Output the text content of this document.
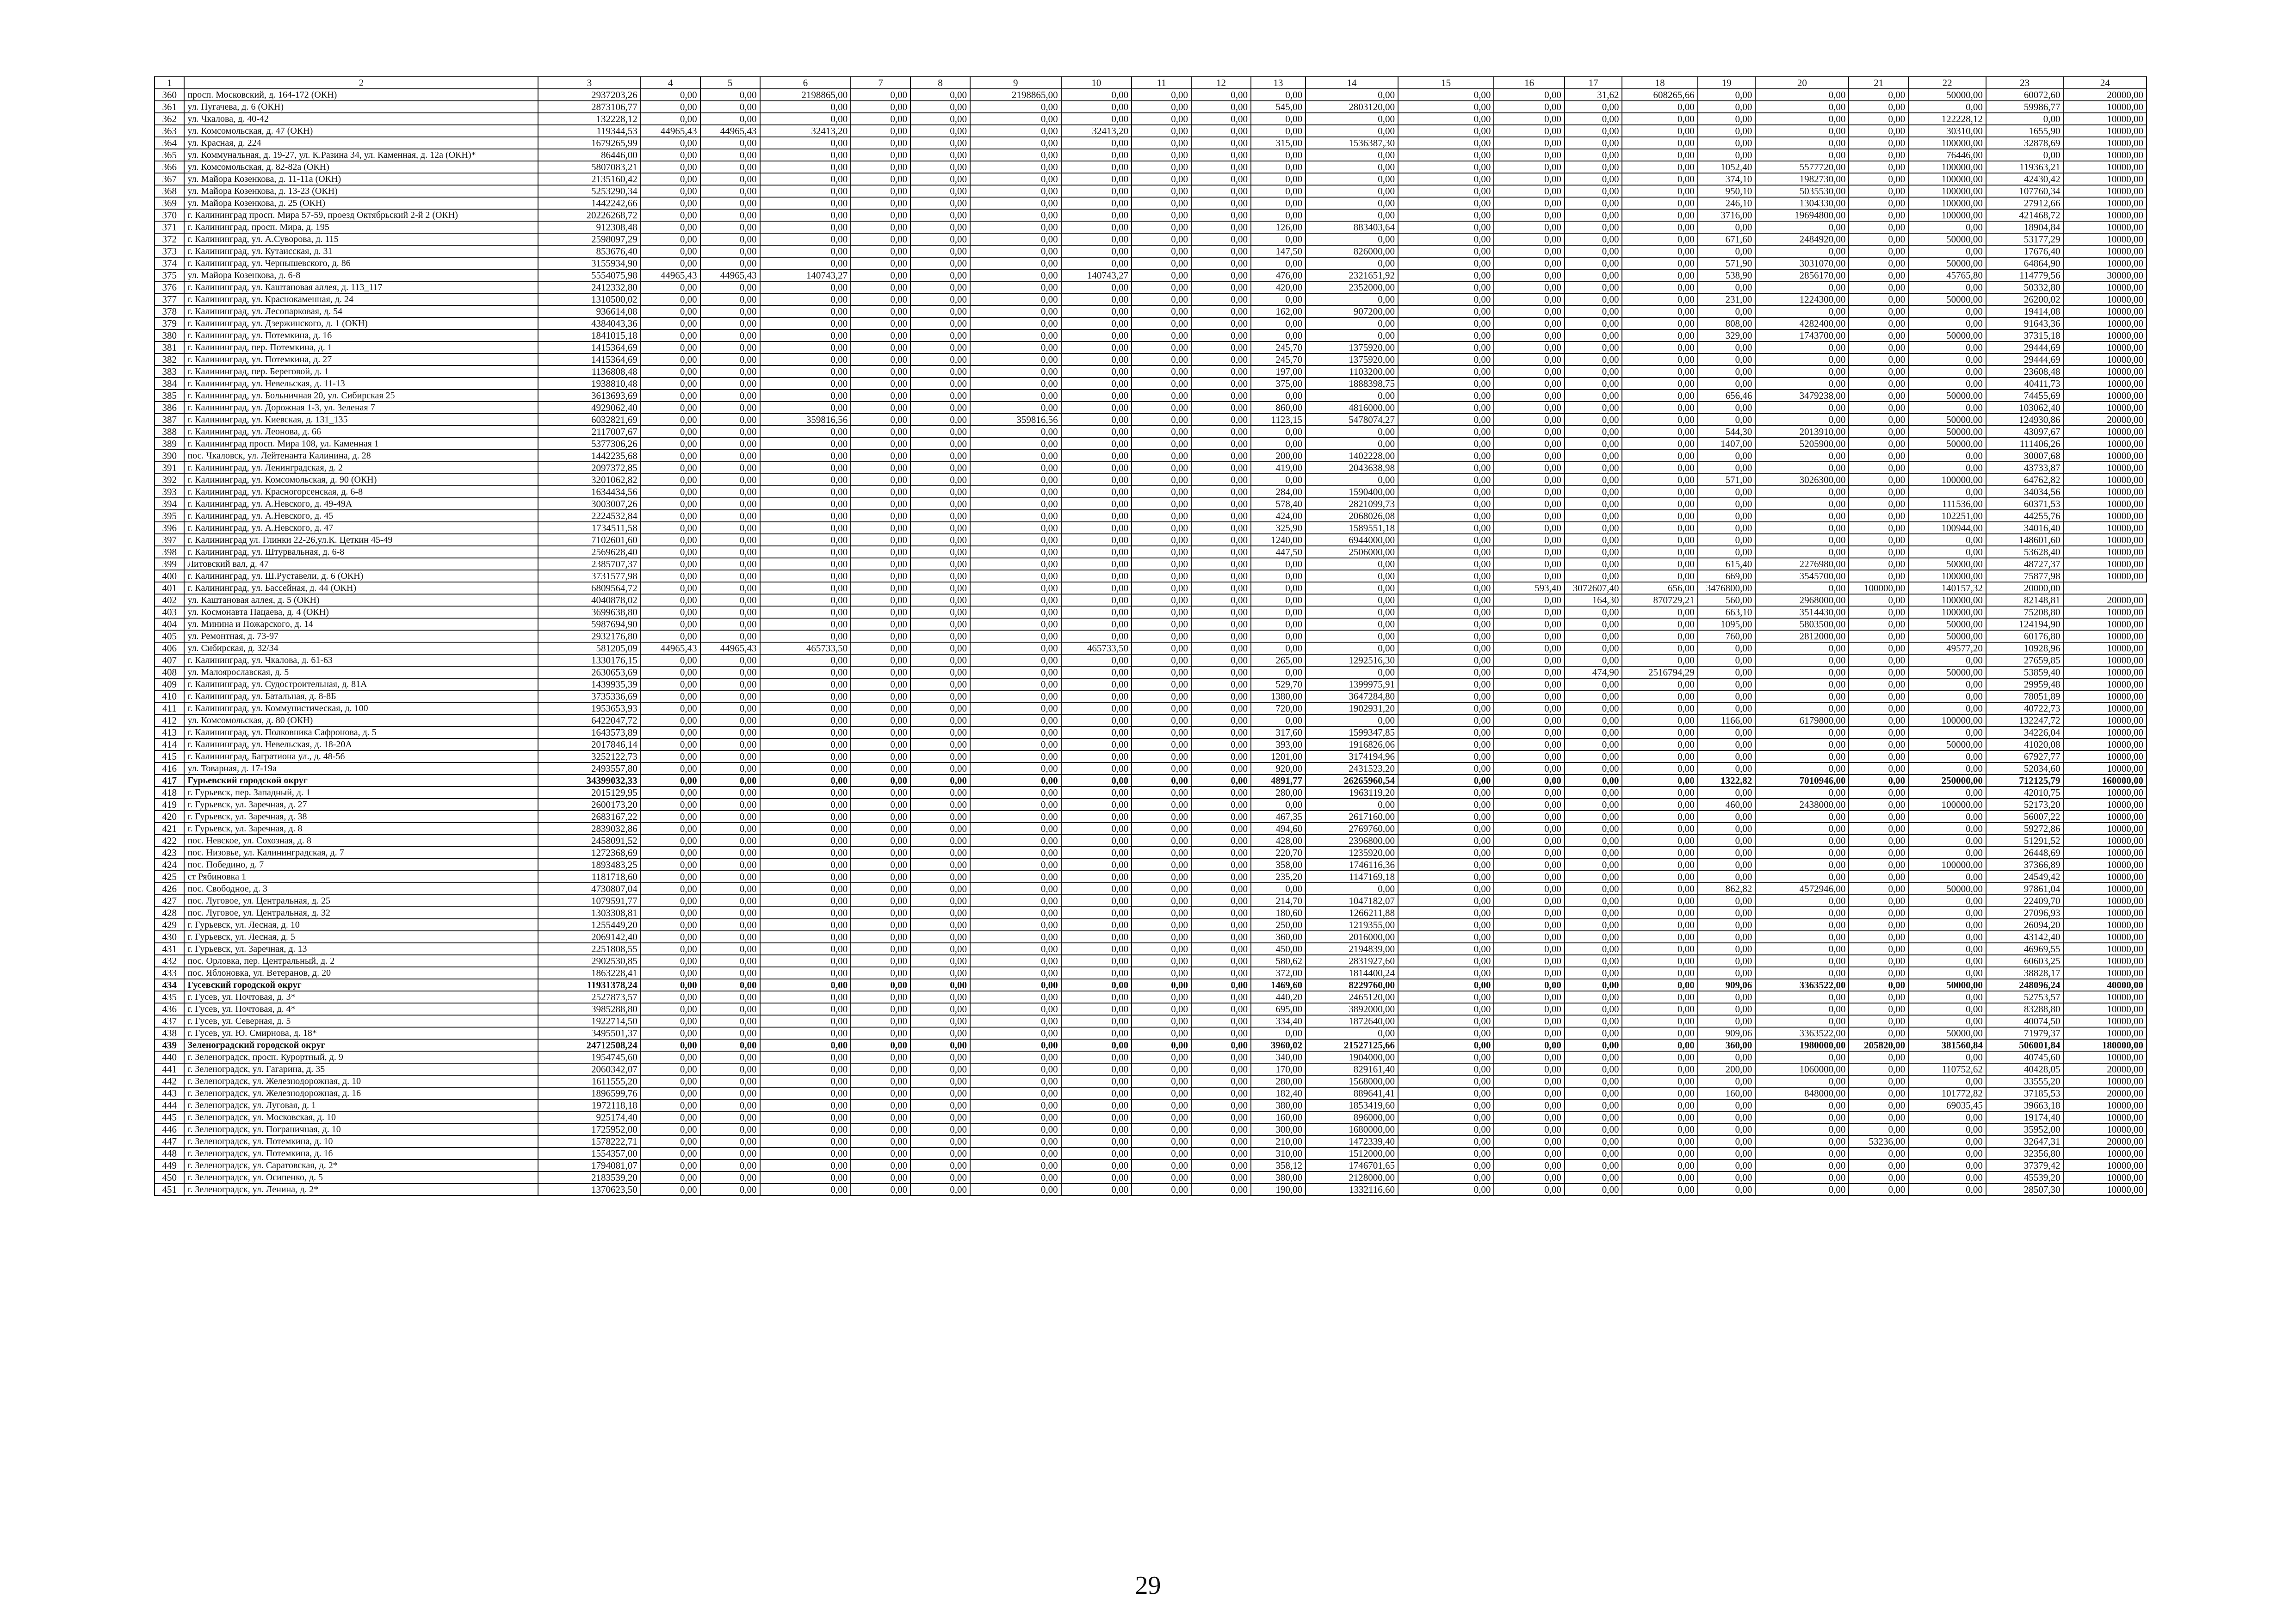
1	2	3	4	5	6	7	8	9	10	11	12	13	14	15	16	17	18	19	20	21	22	23	24
360	просп. Московский, д. 164-172 (ОКН)	2937203,26	0,00	0,00	2198865,00	0,00	0,00	2198865,00	0,00	0,00	0,00	0,00	0,00	0,00	0,00	31,62	608265,66	0,00	0,00	0,00	50000,00	60072,60	20000,00
361	ул. Пугачева, д. 6 (ОКН)	2873106,77	0,00	0,00	0,00	0,00	0,00	0,00	0,00	0,00	0,00	545,00	2803120,00	0,00	0,00	0,00	0,00	0,00	0,00	0,00	0,00	59986,77	10000,00
362	ул. Чкалова, д. 40-42	132228,12	0,00	0,00	0,00	0,00	0,00	0,00	0,00	0,00	0,00	0,00	0,00	0,00	0,00	0,00	0,00	0,00	0,00	0,00	122228,12	0,00	10000,00
363	ул. Комсомольская, д. 47 (ОКН)	119344,53	44965,43	44965,43	32413,20	0,00	0,00	0,00	32413,20	0,00	0,00	0,00	0,00	0,00	0,00	0,00	0,00	0,00	0,00	0,00	30310,00	1655,90	10000,00
364	ул. Красная, д. 224	1679265,99	0,00	0,00	0,00	0,00	0,00	0,00	0,00	0,00	0,00	315,00	1536387,30	0,00	0,00	0,00	0,00	0,00	0,00	0,00	100000,00	32878,69	10000,00
365	ул. Коммунальная, д. 19-27, ул. К.Разина 34, ул. Каменная, д. 12а (ОКН)*	86446,00	0,00	0,00	0,00	0,00	0,00	0,00	0,00	0,00	0,00	0,00	0,00	0,00	0,00	0,00	0,00	0,00	0,00	0,00	76446,00	0,00	10000,00
366	ул. Комсомольская, д. 82-82а (ОКН)	5807083,21	0,00	0,00	0,00	0,00	0,00	0,00	0,00	0,00	0,00	0,00	0,00	0,00	0,00	0,00	0,00	1052,40	5577720,00	0,00	100000,00	119363,21	10000,00
367	ул. Майора Козенкова, д. 11-11а (ОКН)	2135160,42	0,00	0,00	0,00	0,00	0,00	0,00	0,00	0,00	0,00	0,00	0,00	0,00	0,00	0,00	0,00	374,10	1982730,00	0,00	100000,00	42430,42	10000,00
368	ул. Майора Козенкова, д. 13-23 (ОКН)	5253290,34	0,00	0,00	0,00	0,00	0,00	0,00	0,00	0,00	0,00	0,00	0,00	0,00	0,00	0,00	0,00	950,10	5035530,00	0,00	100000,00	107760,34	10000,00
369	ул. Майора Козенкова, д. 25 (ОКН)	1442242,66	0,00	0,00	0,00	0,00	0,00	0,00	0,00	0,00	0,00	0,00	0,00	0,00	0,00	0,00	0,00	246,10	1304330,00	0,00	100000,00	27912,66	10000,00
370	г. Калининград просп. Мира 57-59, проезд Октябрьский 2-й 2 (ОКН)	20226268,72	0,00	0,00	0,00	0,00	0,00	0,00	0,00	0,00	0,00	0,00	0,00	0,00	0,00	0,00	0,00	3716,00	19694800,00	0,00	100000,00	421468,72	10000,00
371	г. Калининград, просп. Мира, д. 195	912308,48	0,00	0,00	0,00	0,00	0,00	0,00	0,00	0,00	0,00	126,00	883403,64	0,00	0,00	0,00	0,00	0,00	0,00	0,00	0,00	18904,84	10000,00
372	г. Калининград, ул. А.Суворова, д. 115	2598097,29	0,00	0,00	0,00	0,00	0,00	0,00	0,00	0,00	0,00	0,00	0,00	0,00	0,00	0,00	0,00	671,60	2484920,00	0,00	50000,00	53177,29	10000,00
373	г. Калининград, ул. Кутаисская, д. 31	853676,40	0,00	0,00	0,00	0,00	0,00	0,00	0,00	0,00	0,00	147,50	826000,00	0,00	0,00	0,00	0,00	0,00	0,00	0,00	0,00	17676,40	10000,00
374	г. Калининград, ул. Чернышевского, д. 86	3155934,90	0,00	0,00	0,00	0,00	0,00	0,00	0,00	0,00	0,00	0,00	0,00	0,00	0,00	0,00	0,00	571,90	3031070,00	0,00	50000,00	64864,90	10000,00
375	ул. Майора Козенкова, д. 6-8	5554075,98	44965,43	44965,43	140743,27	0,00	0,00	0,00	140743,27	0,00	0,00	476,00	2321651,92	0,00	0,00	0,00	0,00	538,90	2856170,00	0,00	45765,80	114779,56	30000,00
376	г. Калининград, ул. Каштановая аллея, д. 113_117	2412332,80	0,00	0,00	0,00	0,00	0,00	0,00	0,00	0,00	0,00	420,00	2352000,00	0,00	0,00	0,00	0,00	0,00	0,00	0,00	0,00	50332,80	10000,00
377	г. Калининград, ул. Краснокаменная, д. 24	1310500,02	0,00	0,00	0,00	0,00	0,00	0,00	0,00	0,00	0,00	0,00	0,00	0,00	0,00	0,00	0,00	231,00	1224300,00	0,00	50000,00	26200,02	10000,00
378	г. Калининград, ул. Лесопарковая, д. 54	936614,08	0,00	0,00	0,00	0,00	0,00	0,00	0,00	0,00	0,00	162,00	907200,00	0,00	0,00	0,00	0,00	0,00	0,00	0,00	0,00	19414,08	10000,00
379	г. Калининград, ул. Дзержинского, д. 1 (ОКН)	4384043,36	0,00	0,00	0,00	0,00	0,00	0,00	0,00	0,00	0,00	0,00	0,00	0,00	0,00	0,00	0,00	808,00	4282400,00	0,00	0,00	91643,36	10000,00
380	г. Калининград, ул. Потемкина, д. 16	1841015,18	0,00	0,00	0,00	0,00	0,00	0,00	0,00	0,00	0,00	0,00	0,00	0,00	0,00	0,00	0,00	329,00	1743700,00	0,00	50000,00	37315,18	10000,00
381	г. Калининград, пер. Потемкина, д. 1	1415364,69	0,00	0,00	0,00	0,00	0,00	0,00	0,00	0,00	0,00	245,70	1375920,00	0,00	0,00	0,00	0,00	0,00	0,00	0,00	0,00	29444,69	10000,00
382	г. Калининград, ул. Потемкина, д. 27	1415364,69	0,00	0,00	0,00	0,00	0,00	0,00	0,00	0,00	0,00	245,70	1375920,00	0,00	0,00	0,00	0,00	0,00	0,00	0,00	0,00	29444,69	10000,00
383	г. Калининград, пер. Береговой, д. 1	1136808,48	0,00	0,00	0,00	0,00	0,00	0,00	0,00	0,00	0,00	197,00	1103200,00	0,00	0,00	0,00	0,00	0,00	0,00	0,00	0,00	23608,48	10000,00
384	г. Калининград, ул. Невельская, д. 11-13	1938810,48	0,00	0,00	0,00	0,00	0,00	0,00	0,00	0,00	0,00	375,00	1888398,75	0,00	0,00	0,00	0,00	0,00	0,00	0,00	0,00	40411,73	10000,00
385	г. Калининград, ул. Больничная 20, ул. Сибирская 25	3613693,69	0,00	0,00	0,00	0,00	0,00	0,00	0,00	0,00	0,00	0,00	0,00	0,00	0,00	0,00	0,00	656,46	3479238,00	0,00	50000,00	74455,69	10000,00
386	г. Калининград, ул. Дорожная 1-3, ул. Зеленая 7	4929062,40	0,00	0,00	0,00	0,00	0,00	0,00	0,00	0,00	0,00	860,00	4816000,00	0,00	0,00	0,00	0,00	0,00	0,00	0,00	0,00	103062,40	10000,00
387	г. Калининград, ул. Киевская, д. 131_135	6032821,69	0,00	0,00	359816,56	0,00	0,00	359816,56	0,00	0,00	0,00	1123,15	5478074,27	0,00	0,00	0,00	0,00	0,00	0,00	0,00	50000,00	124930,86	20000,00
388	г. Калининград, ул. Леонова, д. 66	2117007,67	0,00	0,00	0,00	0,00	0,00	0,00	0,00	0,00	0,00	0,00	0,00	0,00	0,00	0,00	0,00	544,30	2013910,00	0,00	50000,00	43097,67	10000,00
389	г. Калининград просп. Мира 108, ул. Каменная 1	5377306,26	0,00	0,00	0,00	0,00	0,00	0,00	0,00	0,00	0,00	0,00	0,00	0,00	0,00	0,00	0,00	1407,00	5205900,00	0,00	50000,00	111406,26	10000,00
390	пос. Чкаловск, ул. Лейтенанта Калинина, д. 28	1442235,68	0,00	0,00	0,00	0,00	0,00	0,00	0,00	0,00	0,00	200,00	1402228,00	0,00	0,00	0,00	0,00	0,00	0,00	0,00	0,00	30007,68	10000,00
391	г. Калининград, ул. Ленинградская, д. 2	2097372,85	0,00	0,00	0,00	0,00	0,00	0,00	0,00	0,00	0,00	419,00	2043638,98	0,00	0,00	0,00	0,00	0,00	0,00	0,00	0,00	43733,87	10000,00
392	г. Калининград, ул. Комсомольская, д. 90 (ОКН)	3201062,82	0,00	0,00	0,00	0,00	0,00	0,00	0,00	0,00	0,00	0,00	0,00	0,00	0,00	0,00	0,00	571,00	3026300,00	0,00	100000,00	64762,82	10000,00
393	г. Калининград, ул. Красногорсенская, д. 6-8	1634434,56	0,00	0,00	0,00	0,00	0,00	0,00	0,00	0,00	0,00	284,00	1590400,00	0,00	0,00	0,00	0,00	0,00	0,00	0,00	0,00	34034,56	10000,00
394	г. Калининград, ул. А.Невского, д. 49-49А	3003007,26	0,00	0,00	0,00	0,00	0,00	0,00	0,00	0,00	0,00	578,40	2821099,73	0,00	0,00	0,00	0,00	0,00	0,00	0,00	111536,00	60371,53	10000,00
395	г. Калининград, ул. А.Невского, д. 45	2224532,84	0,00	0,00	0,00	0,00	0,00	0,00	0,00	0,00	0,00	424,00	2068026,08	0,00	0,00	0,00	0,00	0,00	0,00	0,00	102251,00	44255,76	10000,00
396	г. Калининград, ул. А.Невского, д. 47	1734511,58	0,00	0,00	0,00	0,00	0,00	0,00	0,00	0,00	0,00	325,90	1589551,18	0,00	0,00	0,00	0,00	0,00	0,00	0,00	100944,00	34016,40	10000,00
397	г. Калининград ул. Глинки 22-26,ул.К. Цеткин 45-49	7102601,60	0,00	0,00	0,00	0,00	0,00	0,00	0,00	0,00	0,00	1240,00	6944000,00	0,00	0,00	0,00	0,00	0,00	0,00	0,00	0,00	148601,60	10000,00
398	г. Калининград, ул. Штурвальная, д. 6-8	2569628,40	0,00	0,00	0,00	0,00	0,00	0,00	0,00	0,00	0,00	447,50	2506000,00	0,00	0,00	0,00	0,00	0,00	0,00	0,00	0,00	53628,40	10000,00
399	Литовский вал, д. 47	2385707,37	0,00	0,00	0,00	0,00	0,00	0,00	0,00	0,00	0,00	0,00	0,00	0,00	0,00	0,00	0,00	615,40	2276980,00	0,00	50000,00	48727,37	10000,00
400	г. Калининград, ул. Ш.Руставели, д. 6 (ОКН)	3731577,98	0,00	0,00	0,00	0,00	0,00	0,00	0,00	0,00	0,00	0,00	0,00	0,00	0,00	0,00	0,00	669,00	3545700,00	0,00	100000,00	75877,98	10000,00
401	г. Калининград, ул. Бассейная, д. 44 (ОКН)	6809564,72	0,00	0,00	0,00	0,00	0,00	0,00	0,00	0,00	0,00	0,00	0,00	0,00	593,40	3072607,40	656,00	3476800,00	0,00	100000,00	140157,32	20000,00	
402	ул. Каштановая аллея, д. 5 (ОКН)	4040878,02	0,00	0,00	0,00	0,00	0,00	0,00	0,00	0,00	0,00	0,00	0,00	0,00	0,00	164,30	870729,21	560,00	2968000,00	0,00	100000,00	82148,81	20000,00
403	ул. Космонавта Пацаева, д. 4 (ОКН)	3699638,80	0,00	0,00	0,00	0,00	0,00	0,00	0,00	0,00	0,00	0,00	0,00	0,00	0,00	0,00	0,00	663,10	3514430,00	0,00	100000,00	75208,80	10000,00
404	ул. Минина и Пожарского, д. 14	5987694,90	0,00	0,00	0,00	0,00	0,00	0,00	0,00	0,00	0,00	0,00	0,00	0,00	0,00	0,00	0,00	1095,00	5803500,00	0,00	50000,00	124194,90	10000,00
405	ул. Ремонтная, д. 73-97	2932176,80	0,00	0,00	0,00	0,00	0,00	0,00	0,00	0,00	0,00	0,00	0,00	0,00	0,00	0,00	0,00	760,00	2812000,00	0,00	50000,00	60176,80	10000,00
406	ул. Сибирская, д. 32/34	581205,09	44965,43	44965,43	465733,50	0,00	0,00	0,00	465733,50	0,00	0,00	0,00	0,00	0,00	0,00	0,00	0,00	0,00	0,00	0,00	49577,20	10928,96	10000,00
407	г. Калининград, ул. Чкалова, д. 61-63	1330176,15	0,00	0,00	0,00	0,00	0,00	0,00	0,00	0,00	0,00	265,00	1292516,30	0,00	0,00	0,00	0,00	0,00	0,00	0,00	0,00	27659,85	10000,00
408	ул. Малоярославская, д. 5	2630653,69	0,00	0,00	0,00	0,00	0,00	0,00	0,00	0,00	0,00	0,00	0,00	0,00	0,00	474,90	2516794,29	0,00	0,00	0,00	50000,00	53859,40	10000,00
409	г. Калининград, ул. Судостроительная, д. 81А	1439935,39	0,00	0,00	0,00	0,00	0,00	0,00	0,00	0,00	0,00	529,70	1399975,91	0,00	0,00	0,00	0,00	0,00	0,00	0,00	0,00	29959,48	10000,00
410	г. Калининград, ул. Батальная, д. 8-8Б	3735336,69	0,00	0,00	0,00	0,00	0,00	0,00	0,00	0,00	0,00	1380,00	3647284,80	0,00	0,00	0,00	0,00	0,00	0,00	0,00	0,00	78051,89	10000,00
411	г. Калининград, ул. Коммунистическая, д. 100	1953653,93	0,00	0,00	0,00	0,00	0,00	0,00	0,00	0,00	0,00	720,00	1902931,20	0,00	0,00	0,00	0,00	0,00	0,00	0,00	0,00	40722,73	10000,00
412	ул. Комсомольская, д. 80 (ОКН)	6422047,72	0,00	0,00	0,00	0,00	0,00	0,00	0,00	0,00	0,00	0,00	0,00	0,00	0,00	0,00	0,00	1166,00	6179800,00	0,00	100000,00	132247,72	10000,00
413	г. Калининград, ул. Полковника Сафронова, д. 5	1643573,89	0,00	0,00	0,00	0,00	0,00	0,00	0,00	0,00	0,00	317,60	1599347,85	0,00	0,00	0,00	0,00	0,00	0,00	0,00	0,00	34226,04	10000,00
414	г. Калининград, ул. Невельская, д. 18-20А	2017846,14	0,00	0,00	0,00	0,00	0,00	0,00	0,00	0,00	0,00	393,00	1916826,06	0,00	0,00	0,00	0,00	0,00	0,00	0,00	50000,00	41020,08	10000,00
415	г. Калининград, Багратиона ул., д. 48-56	3252122,73	0,00	0,00	0,00	0,00	0,00	0,00	0,00	0,00	0,00	1201,00	3174194,96	0,00	0,00	0,00	0,00	0,00	0,00	0,00	0,00	67927,77	10000,00
416	ул. Товарная, д. 17-19а	2493557,80	0,00	0,00	0,00	0,00	0,00	0,00	0,00	0,00	0,00	920,00	2431523,20	0,00	0,00	0,00	0,00	0,00	0,00	0,00	0,00	52034,60	10000,00
417	Гурьевский городской округ	34399032,33	0,00	0,00	0,00	0,00	0,00	0,00	0,00	0,00	0,00	4891,77	26265960,54	0,00	0,00	0,00	0,00	1322,82	7010946,00	0,00	250000,00	712125,79	160000,00
418	г. Гурьевск, пер. Западный, д. 1	2015129,95	0,00	0,00	0,00	0,00	0,00	0,00	0,00	0,00	0,00	280,00	1963119,20	0,00	0,00	0,00	0,00	0,00	0,00	0,00	0,00	42010,75	10000,00
419	г. Гурьевск, ул. Заречная, д. 27	2600173,20	0,00	0,00	0,00	0,00	0,00	0,00	0,00	0,00	0,00	0,00	0,00	0,00	0,00	0,00	0,00	460,00	2438000,00	0,00	100000,00	52173,20	10000,00
420	г. Гурьевск, ул. Заречная, д. 38	2683167,22	0,00	0,00	0,00	0,00	0,00	0,00	0,00	0,00	0,00	467,35	2617160,00	0,00	0,00	0,00	0,00	0,00	0,00	0,00	0,00	56007,22	10000,00
421	г. Гурьевск, ул. Заречная, д. 8	2839032,86	0,00	0,00	0,00	0,00	0,00	0,00	0,00	0,00	0,00	494,60	2769760,00	0,00	0,00	0,00	0,00	0,00	0,00	0,00	0,00	59272,86	10000,00
422	пос. Невское, ул. Сохозная, д. 8	2458091,52	0,00	0,00	0,00	0,00	0,00	0,00	0,00	0,00	0,00	428,00	2396800,00	0,00	0,00	0,00	0,00	0,00	0,00	0,00	0,00	51291,52	10000,00
423	пос. Низовье, ул. Калининградская, д. 7	1272368,69	0,00	0,00	0,00	0,00	0,00	0,00	0,00	0,00	0,00	220,70	1235920,00	0,00	0,00	0,00	0,00	0,00	0,00	0,00	0,00	26448,69	10000,00
424	пос. Победино, д. 7	1893483,25	0,00	0,00	0,00	0,00	0,00	0,00	0,00	0,00	0,00	358,00	1746116,36	0,00	0,00	0,00	0,00	0,00	0,00	0,00	100000,00	37366,89	10000,00
425	ст Рябиновка 1	1181718,60	0,00	0,00	0,00	0,00	0,00	0,00	0,00	0,00	0,00	235,20	1147169,18	0,00	0,00	0,00	0,00	0,00	0,00	0,00	0,00	24549,42	10000,00
426	пос. Свободное, д. 3	4730807,04	0,00	0,00	0,00	0,00	0,00	0,00	0,00	0,00	0,00	0,00	0,00	0,00	0,00	0,00	0,00	862,82	4572946,00	0,00	50000,00	97861,04	10000,00
427	пос. Луговое, ул. Центральная, д. 25	1079591,77	0,00	0,00	0,00	0,00	0,00	0,00	0,00	0,00	0,00	214,70	1047182,07	0,00	0,00	0,00	0,00	0,00	0,00	0,00	0,00	22409,70	10000,00
428	пос. Луговое, ул. Центральная, д. 32	1303308,81	0,00	0,00	0,00	0,00	0,00	0,00	0,00	0,00	0,00	180,60	1266211,88	0,00	0,00	0,00	0,00	0,00	0,00	0,00	0,00	27096,93	10000,00
429	г. Гурьевск, ул. Лесная, д. 10	1255449,20	0,00	0,00	0,00	0,00	0,00	0,00	0,00	0,00	0,00	250,00	1219355,00	0,00	0,00	0,00	0,00	0,00	0,00	0,00	0,00	26094,20	10000,00
430	г. Гурьевск, ул. Лесная, д. 5	2069142,40	0,00	0,00	0,00	0,00	0,00	0,00	0,00	0,00	0,00	360,00	2016000,00	0,00	0,00	0,00	0,00	0,00	0,00	0,00	0,00	43142,40	10000,00
431	г. Гурьевск, ул. Заречная, д. 13	2251808,55	0,00	0,00	0,00	0,00	0,00	0,00	0,00	0,00	0,00	450,00	2194839,00	0,00	0,00	0,00	0,00	0,00	0,00	0,00	0,00	46969,55	10000,00
432	пос. Орловка, пер. Центральный, д. 2	2902530,85	0,00	0,00	0,00	0,00	0,00	0,00	0,00	0,00	0,00	580,62	2831927,60	0,00	0,00	0,00	0,00	0,00	0,00	0,00	0,00	60603,25	10000,00
433	пос. Яблоновка, ул. Ветеранов, д. 20	1863228,41	0,00	0,00	0,00	0,00	0,00	0,00	0,00	0,00	0,00	372,00	1814400,24	0,00	0,00	0,00	0,00	0,00	0,00	0,00	0,00	38828,17	10000,00
434	Гусевский городской округ	11931378,24	0,00	0,00	0,00	0,00	0,00	0,00	0,00	0,00	0,00	1469,60	8229760,00	0,00	0,00	0,00	0,00	909,06	3363522,00	0,00	50000,00	248096,24	40000,00
435	г. Гусев, ул. Почтовая, д. 3*	2527873,57	0,00	0,00	0,00	0,00	0,00	0,00	0,00	0,00	0,00	440,20	2465120,00	0,00	0,00	0,00	0,00	0,00	0,00	0,00	0,00	52753,57	10000,00
436	г. Гусев, ул. Почтовая, д. 4*	3985288,80	0,00	0,00	0,00	0,00	0,00	0,00	0,00	0,00	0,00	695,00	3892000,00	0,00	0,00	0,00	0,00	0,00	0,00	0,00	0,00	83288,80	10000,00
437	г. Гусев, ул. Северная, д. 5	1922714,50	0,00	0,00	0,00	0,00	0,00	0,00	0,00	0,00	0,00	334,40	1872640,00	0,00	0,00	0,00	0,00	0,00	0,00	0,00	0,00	40074,50	10000,00
438	г. Гусев, ул. Ю. Смирнова, д. 18*	3495501,37	0,00	0,00	0,00	0,00	0,00	0,00	0,00	0,00	0,00	0,00	0,00	0,00	0,00	0,00	0,00	909,06	3363522,00	0,00	50000,00	71979,37	10000,00
439	Зеленоградский городской округ	24712508,24	0,00	0,00	0,00	0,00	0,00	0,00	0,00	0,00	0,00	3960,02	21527125,66	0,00	0,00	0,00	0,00	360,00	1980000,00	205820,00	381560,84	506001,84	180000,00
440	г. Зеленоградск, просп. Курортный, д. 9	1954745,60	0,00	0,00	0,00	0,00	0,00	0,00	0,00	0,00	0,00	340,00	1904000,00	0,00	0,00	0,00	0,00	0,00	0,00	0,00	0,00	40745,60	10000,00
441	г. Зеленоградск, ул. Гагарина, д. 35	2060342,07	0,00	0,00	0,00	0,00	0,00	0,00	0,00	0,00	0,00	170,00	829161,40	0,00	0,00	0,00	0,00	200,00	1060000,00	0,00	110752,62	40428,05	20000,00
442	г. Зеленоградск, ул. Железнодорожная, д. 10	1611555,20	0,00	0,00	0,00	0,00	0,00	0,00	0,00	0,00	0,00	280,00	1568000,00	0,00	0,00	0,00	0,00	0,00	0,00	0,00	0,00	33555,20	10000,00
443	г. Зеленоградск, ул. Железнодорожная, д. 16	1896599,76	0,00	0,00	0,00	0,00	0,00	0,00	0,00	0,00	0,00	182,40	889641,41	0,00	0,00	0,00	0,00	160,00	848000,00	0,00	101772,82	37185,53	20000,00
444	г. Зеленоградск, ул. Луговая, д. 1	1972118,18	0,00	0,00	0,00	0,00	0,00	0,00	0,00	0,00	0,00	380,00	1853419,60	0,00	0,00	0,00	0,00	0,00	0,00	0,00	69035,45	39663,18	10000,00
445	г. Зеленоградск, ул. Московская, д. 10	925174,40	0,00	0,00	0,00	0,00	0,00	0,00	0,00	0,00	0,00	160,00	896000,00	0,00	0,00	0,00	0,00	0,00	0,00	0,00	0,00	19174,40	10000,00
446	г. Зеленоградск, ул. Пограничная, д. 10	1725952,00	0,00	0,00	0,00	0,00	0,00	0,00	0,00	0,00	0,00	300,00	1680000,00	0,00	0,00	0,00	0,00	0,00	0,00	0,00	0,00	35952,00	10000,00
447	г. Зеленоградск, ул. Потемкина, д. 10	1578222,71	0,00	0,00	0,00	0,00	0,00	0,00	0,00	0,00	0,00	210,00	1472339,40	0,00	0,00	0,00	0,00	0,00	0,00	53236,00	0,00	32647,31	20000,00
448	г. Зеленоградск, ул. Потемкина, д. 16	1554357,00	0,00	0,00	0,00	0,00	0,00	0,00	0,00	0,00	0,00	310,00	1512000,00	0,00	0,00	0,00	0,00	0,00	0,00	0,00	0,00	32356,80	10000,00
449	г. Зеленоградск, ул. Саратовская, д. 2*	1794081,07	0,00	0,00	0,00	0,00	0,00	0,00	0,00	0,00	0,00	358,12	1746701,65	0,00	0,00	0,00	0,00	0,00	0,00	0,00	0,00	37379,42	10000,00
450	г. Зеленоградск, ул. Осипенко, д. 5	2183539,20	0,00	0,00	0,00	0,00	0,00	0,00	0,00	0,00	0,00	380,00	2128000,00	0,00	0,00	0,00	0,00	0,00	0,00	0,00	0,00	45539,20	10000,00
451	г. Зеленоградск, ул. Ленина, д. 2*	1370623,50	0,00	0,00	0,00	0,00	0,00	0,00	0,00	0,00	0,00	190,00	1332116,60	0,00	0,00	0,00	0,00	0,00	0,00	0,00	0,00	28507,30	10000,00
29
